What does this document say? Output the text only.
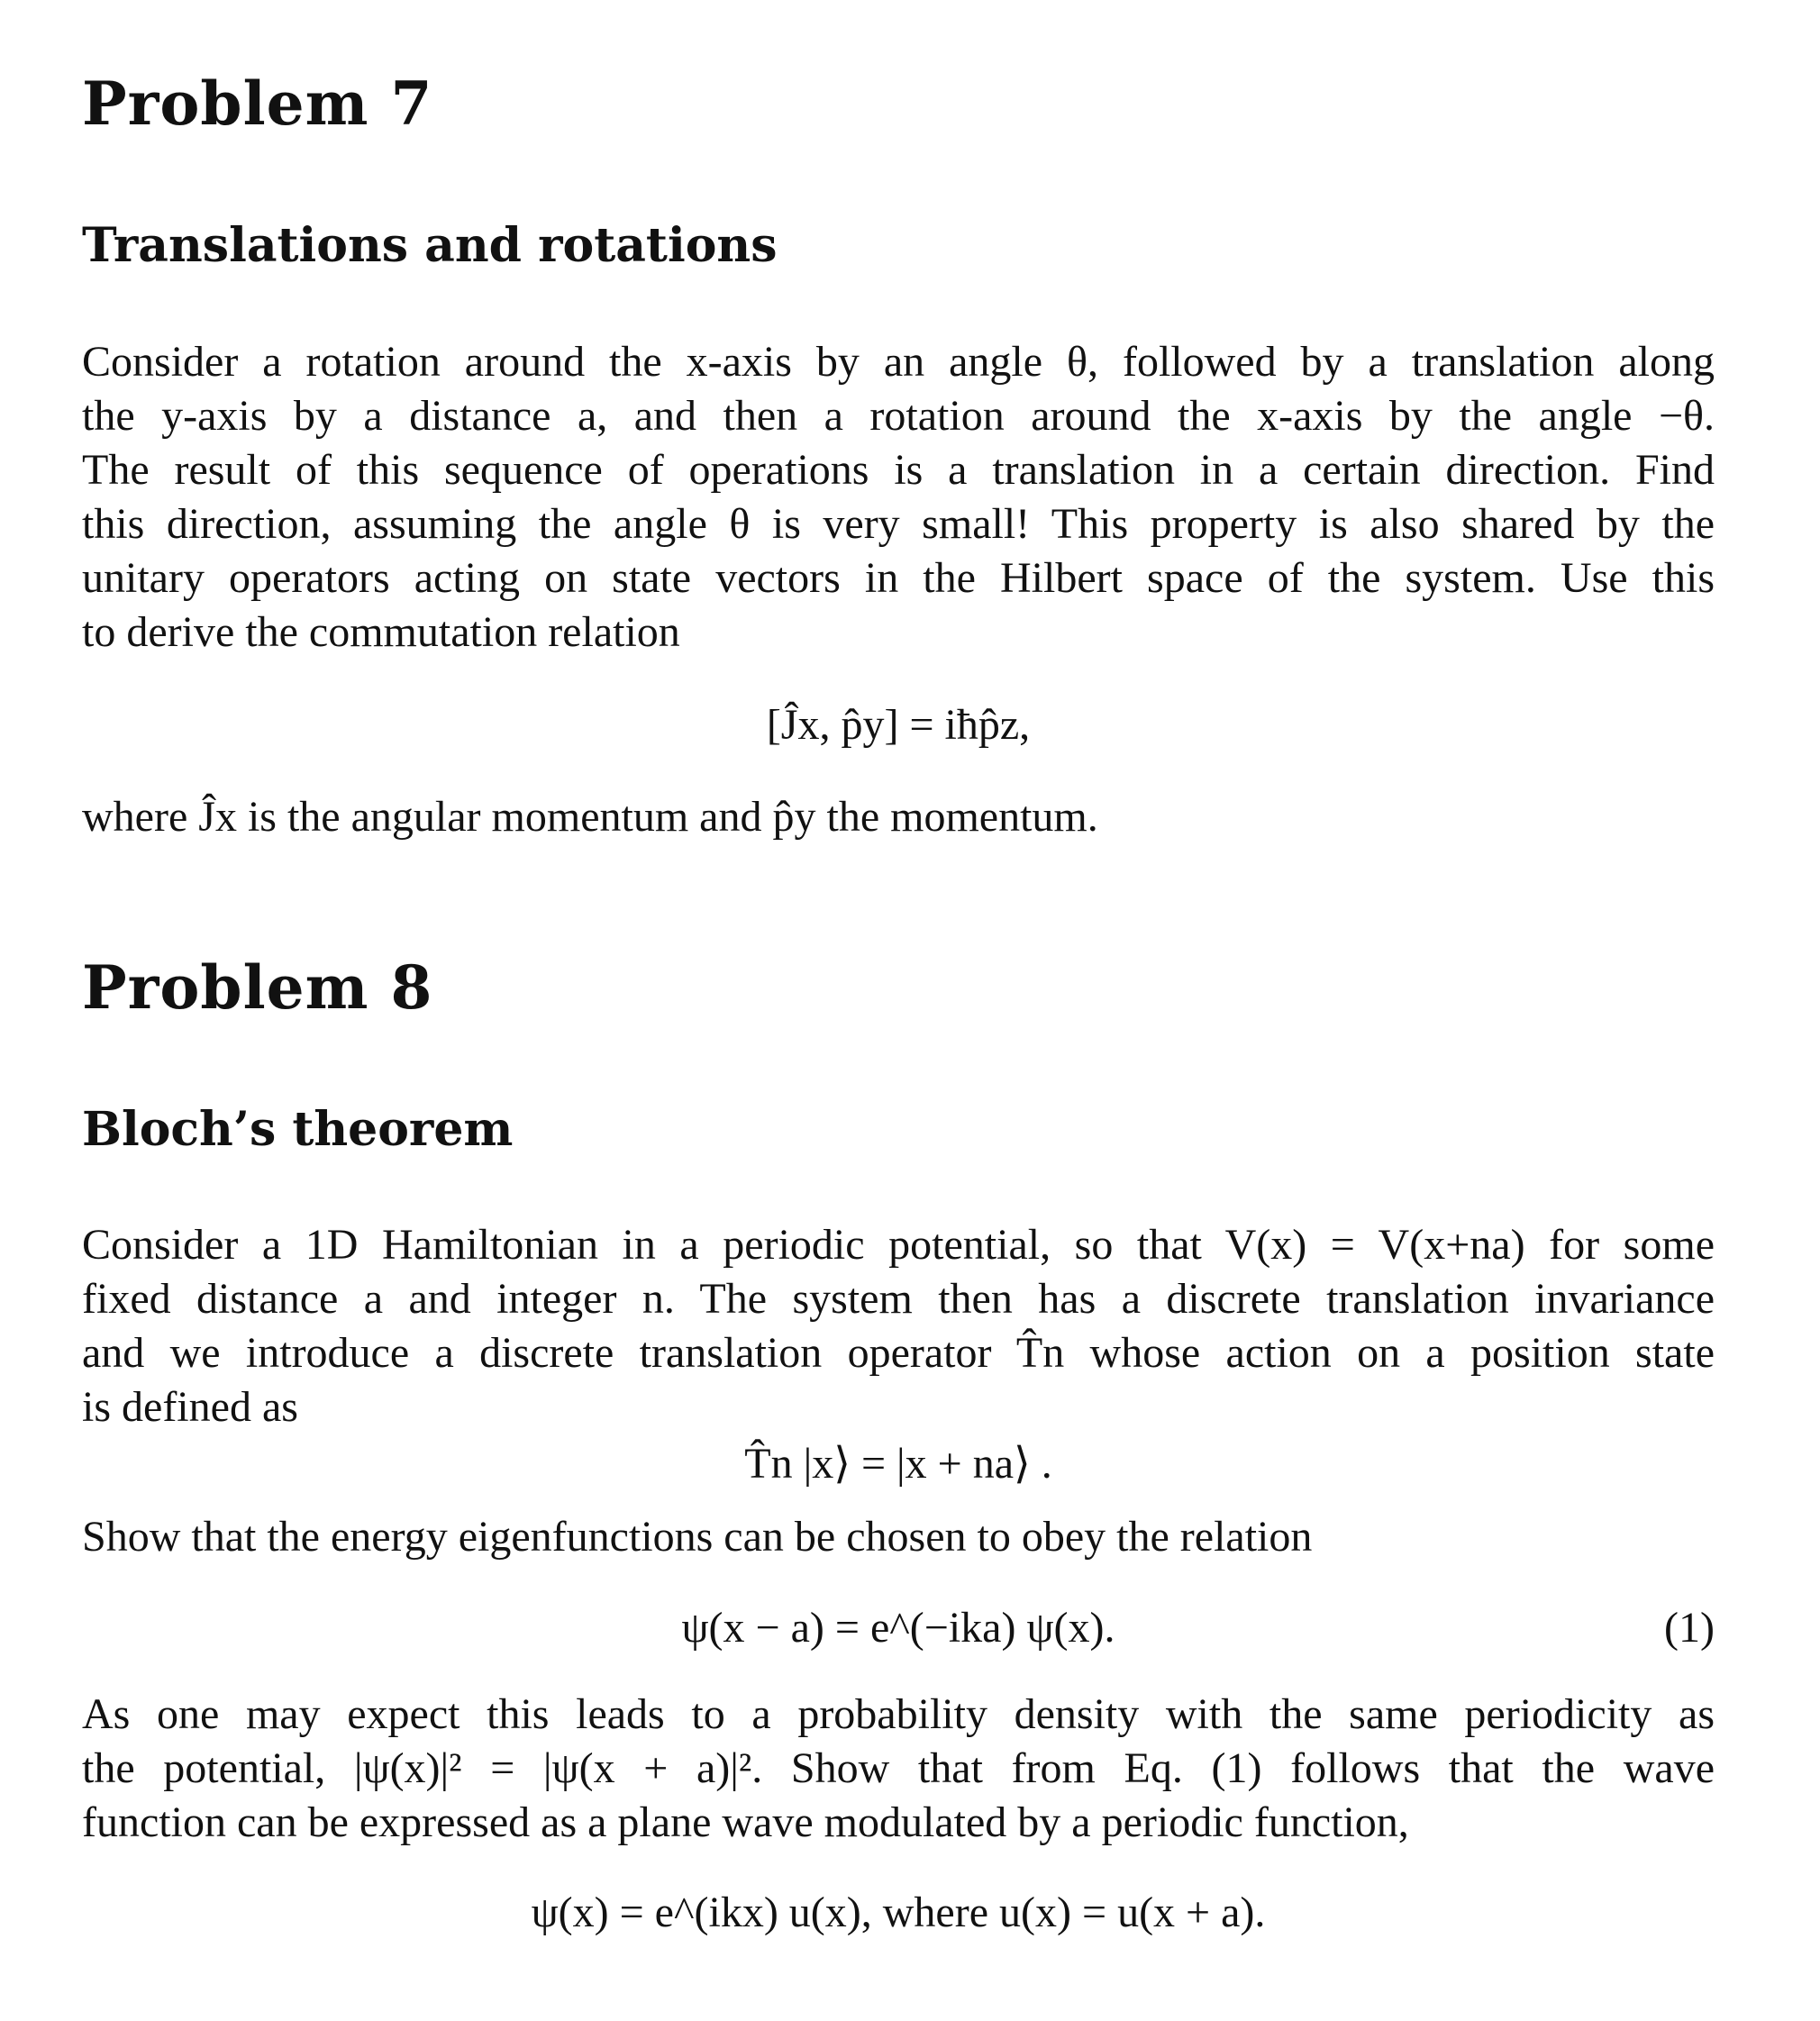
Problem 7
Translations and rotations
Consider a rotation around the x-axis by an angle θ, followed by a translation along
the y-axis by a distance a, and then a rotation around the x-axis by the angle −θ.
The result of this sequence of operations is a translation in a certain direction. Find
this direction, assuming the angle θ is very small! This property is also shared by the
unitary operators acting on state vectors in the Hilbert space of the system. Use this
to derive the commutation relation
[Ĵx, p̂y] = iħp̂z,
where Ĵx is the angular momentum and p̂y the momentum.
Problem 8
Bloch’s theorem
Consider a 1D Hamiltonian in a periodic potential, so that V(x) = V(x+na) for some
fixed distance a and integer n. The system then has a discrete translation invariance
and we introduce a discrete translation operator T̂n whose action on a position state
is defined as
T̂n |x⟩ = |x + na⟩ .
Show that the energy eigenfunctions can be chosen to obey the relation
ψ(x − a) = e^(−ika) ψ(x).	(1)
As one may expect this leads to a probability density with the same periodicity as
the potential, |ψ(x)|² = |ψ(x + a)|². Show that from Eq. (1) follows that the wave
function can be expressed as a plane wave modulated by a periodic function,
ψ(x) = e^(ikx) u(x), where u(x) = u(x + a).
